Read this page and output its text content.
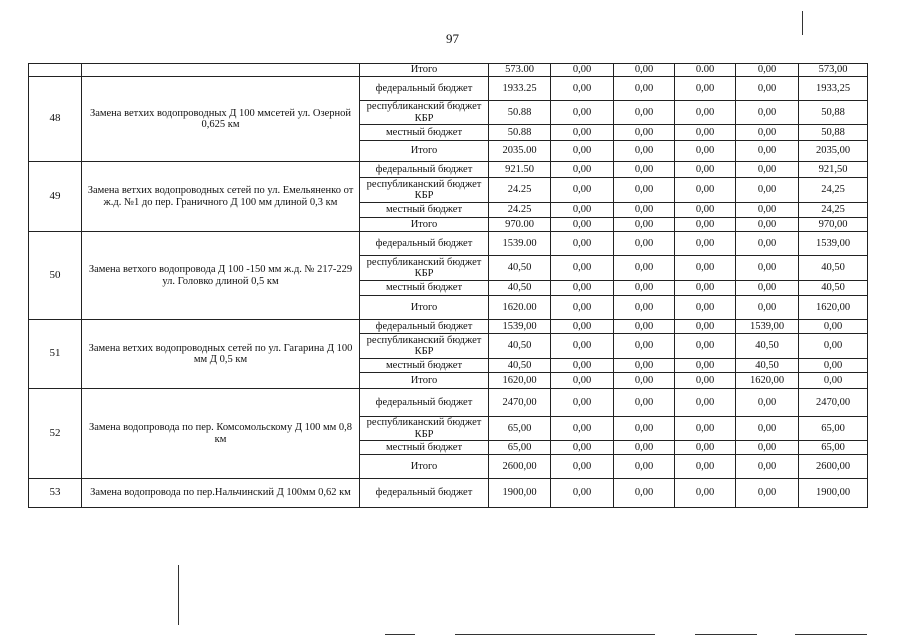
97
		Итого	573.00	0,00	0,00	0.00	0,00	573,00
48	Замена ветхих водопроводных Д 100 ммсетей ул. Озерной 0,625 км	федеральный бюджет	1933.25	0,00	0,00	0,00	0,00	1933,25
		республиканский бюджет КБР	50.88	0,00	0,00	0,00	0,00	50,88
		местный бюджет	50.88	0,00	0,00	0,00	0,00	50,88
		Итого	2035.00	0,00	0,00	0,00	0,00	2035,00
49	Замена ветхих водопроводных сетей по ул. Емельяненко от ж.д. №1 до пер. Граничного Д 100 мм длиной 0,3 км	федеральный бюджет	921.50	0,00	0,00	0,00	0,00	921,50
		республиканский бюджет КБР	24.25	0,00	0,00	0,00	0,00	24,25
		местный бюджет	24.25	0,00	0,00	0,00	0,00	24,25
		Итого	970.00	0,00	0,00	0,00	0,00	970,00
50	Замена ветхого водопровода Д 100 -150 мм ж.д. № 217-229 ул. Головко длиной 0,5 км	федеральный бюджет	1539.00	0,00	0,00	0,00	0,00	1539,00
		республиканский бюджет КБР	40,50	0,00	0,00	0,00	0,00	40,50
		местный бюджет	40,50	0,00	0,00	0,00	0,00	40,50
		Итого	1620.00	0,00	0,00	0,00	0,00	1620,00
51	Замена ветхих водопроводных сетей по ул. Гагарина Д 100 мм Д 0,5 км	федеральный бюджет	1539,00	0,00	0,00	0,00	1539,00	0,00
		республиканский бюджет КБР	40,50	0,00	0,00	0,00	40,50	0,00
		местный бюджет	40,50	0,00	0,00	0,00	40,50	0,00
		Итого	1620,00	0,00	0,00	0,00	1620,00	0,00
52	Замена водопровода по пер. Комсомольскому Д 100 мм 0,8 км	федеральный бюджет	2470,00	0,00	0,00	0,00	0,00	2470,00
		республиканский бюджет КБР	65,00	0,00	0,00	0,00	0,00	65,00
		местный бюджет	65,00	0,00	0,00	0,00	0,00	65,00
		Итого	2600,00	0,00	0,00	0,00	0,00	2600,00
53	Замена водопровода по пер.Нальчинский Д 100мм 0,62 км	федеральный бюджет	1900,00	0,00	0,00	0,00	0,00	1900,00
